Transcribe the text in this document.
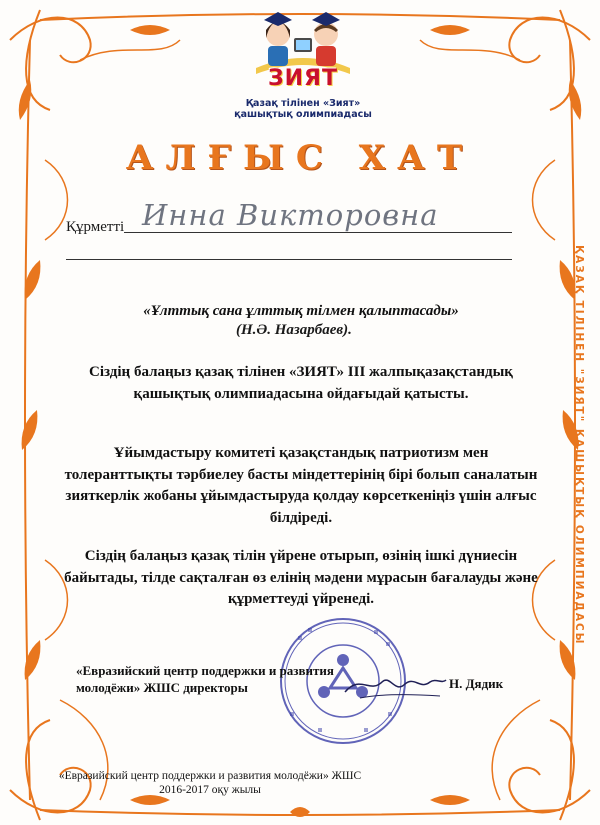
ЗИЯТ
Қазақ тілінен «Зият»
қашықтық олимпиадасы
АЛҒЫС ХАТ
Құрметті Инна Викторовна
«Ұлттық сана ұлттық тілмен қалыптасады»
(Н.Ә. Назарбаев).
Сіздің балаңыз қазақ тілінен «ЗИЯТ» ІІІ жалпықазақстандық қашықтық олимпиадасына ойдағыдай қатысты.
Ұйымдастыру комитеті қазақстандық патриотизм мен толеранттықты тәрбиелеу басты міндеттерінің бірі болып саналатын зияткерлік жобаны ұйымдастыруда қолдау көрсеткеніңіз үшін алғыс білдіреді.
Сіздің балаңыз қазақ тілін үйрене отырып, өзінің ішкі дүниесін байытады, тілде сақталған өз елінің мәдени мұрасын бағалауды және құрметтеуді үйренеді.
«Евразийский центр поддержки и развития молодёжи» ЖШС директоры	Н. Дядик
«Евразийский центр поддержки и развития молодёжи» ЖШС
2016-2017 оқу жылы
ҚАЗАҚ ТІЛІНЕН "ЗИЯТ" ҚАШЫҚТЫҚ ОЛИМПИАДАСЫ
